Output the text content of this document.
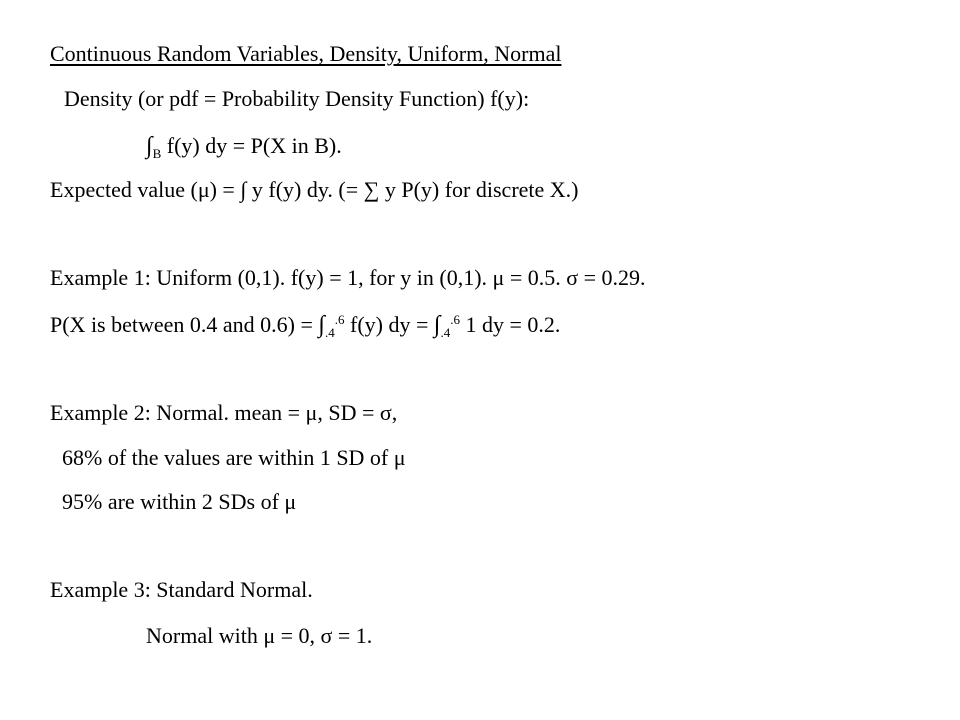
Continuous Random Variables, Density, Uniform, Normal
Density (or pdf = Probability Density Function) f(y):
$\int_B$ f(y) dy = P(X in B).
Expected value (μ) = ∫ y f(y) dy. (= ∑ y P(y) for discrete X.)
Example 1: Uniform (0,1). f(y) = 1, for y in (0,1). μ = 0.5. σ = 0.29.
P(X is between 0.4 and $0.6) = \int_{.4}^{.6}$ f(y) dy = $\int_{.4}^{.6}$ 1 dy = 0.2.
Example 2: Normal. mean = μ, SD = σ,
68% of the values are within 1 SD of μ
95% are within 2 SDs of μ
Example 3: Standard Normal.
Normal with μ = 0, σ = 1.
